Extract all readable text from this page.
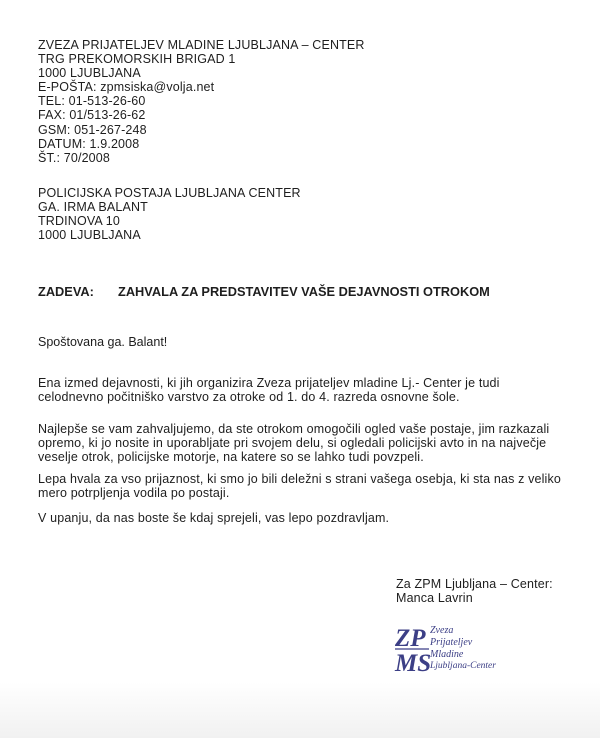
ZVEZA PRIJATELJEV MLADINE LJUBLJANA – CENTER
TRG PREKOMORSKIH BRIGAD 1
1000 LJUBLJANA
E-POŠTA: zpmsiska@volja.net
TEL: 01-513-26-60
FAX: 01/513-26-62
GSM: 051-267-248
DATUM: 1.9.2008
ŠT.: 70/2008
POLICIJSKA POSTAJA LJUBLJANA CENTER
GA. IRMA BALANT
TRDINOVA 10
1000 LJUBLJANA
ZADEVA: ZAHVALA ZA PREDSTAVITEV VAŠE DEJAVNOSTI OTROKOM
Spoštovana ga. Balant!
Ena izmed dejavnosti, ki jih organizira Zveza prijateljev mladine Lj.- Center je tudi
celodnevno počitniško varstvo za otroke od 1. do 4. razreda osnovne šole.
Najlepše se vam zahvaljujemo, da ste otrokom omogočili ogled vaše postaje, jim razkazali
opremo, ki jo nosite in uporabljate pri svojem delu, si ogledali policijski avto in na največje
veselje otrok, policijske motorje, na katere so se lahko tudi povzpeli.
Lepa hvala za vso prijaznost, ki smo jo bili deležni s strani vašega osebja, ki sta nas z veliko
mero potrpljenja vodila po postaji.
V upanju, da nas boste še kdaj sprejeli, vas lepo pozdravljam.
Za ZPM Ljubljana – Center:
Manca Lavrin
ZP
MS
Zveza
Prijateljev
Mladine
Ljubljana-Center
